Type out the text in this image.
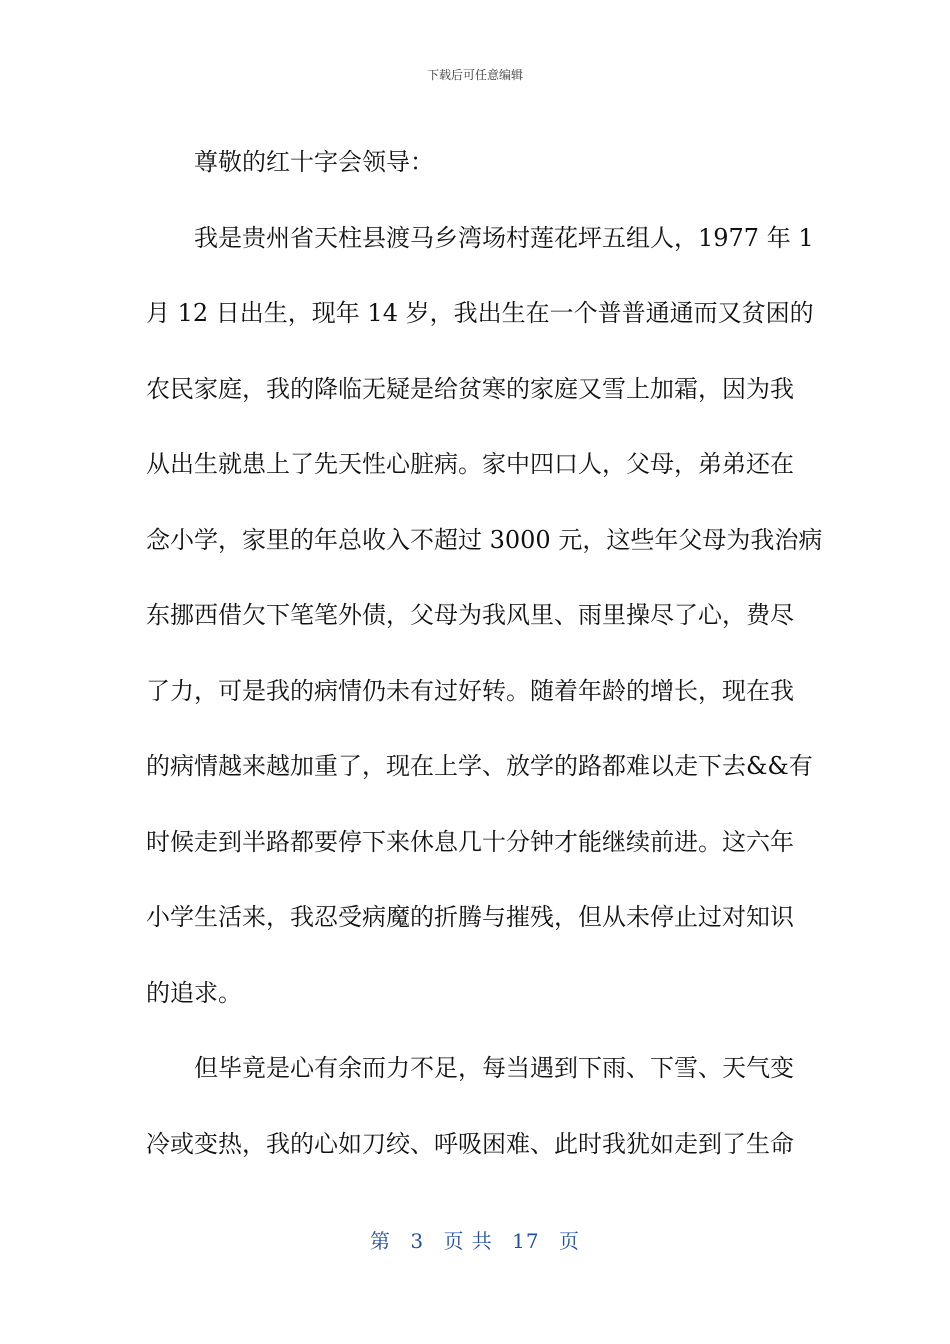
下载后可任意编辑
尊敬的红十字会领导：
我是贵州省天柱县渡马乡湾场村莲花坪五组人，1977 年 1
月 12 日出生，现年 14 岁，我出生在一个普普通通而又贫困的
农民家庭，我的降临无疑是给贫寒的家庭又雪上加霜，因为我
从出生就患上了先天性心脏病。家中四口人，父母，弟弟还在
念小学，家里的年总收入不超过 3000 元，这些年父母为我治病
东挪西借欠下笔笔外债，父母为我风里、雨里操尽了心，费尽
了力，可是我的病情仍未有过好转。随着年龄的增长，现在我
的病情越来越加重了，现在上学、放学的路都难以走下去&&有
时候走到半路都要停下来休息几十分钟才能继续前进。这六年
小学生活来，我忍受病魔的折腾与摧残，但从未停止过对知识
的追求。
但毕竟是心有余而力不足，每当遇到下雨、下雪、天气变
冷或变热，我的心如刀绞、呼吸困难、此时我犹如走到了生命
第 3 页 共 17 页
